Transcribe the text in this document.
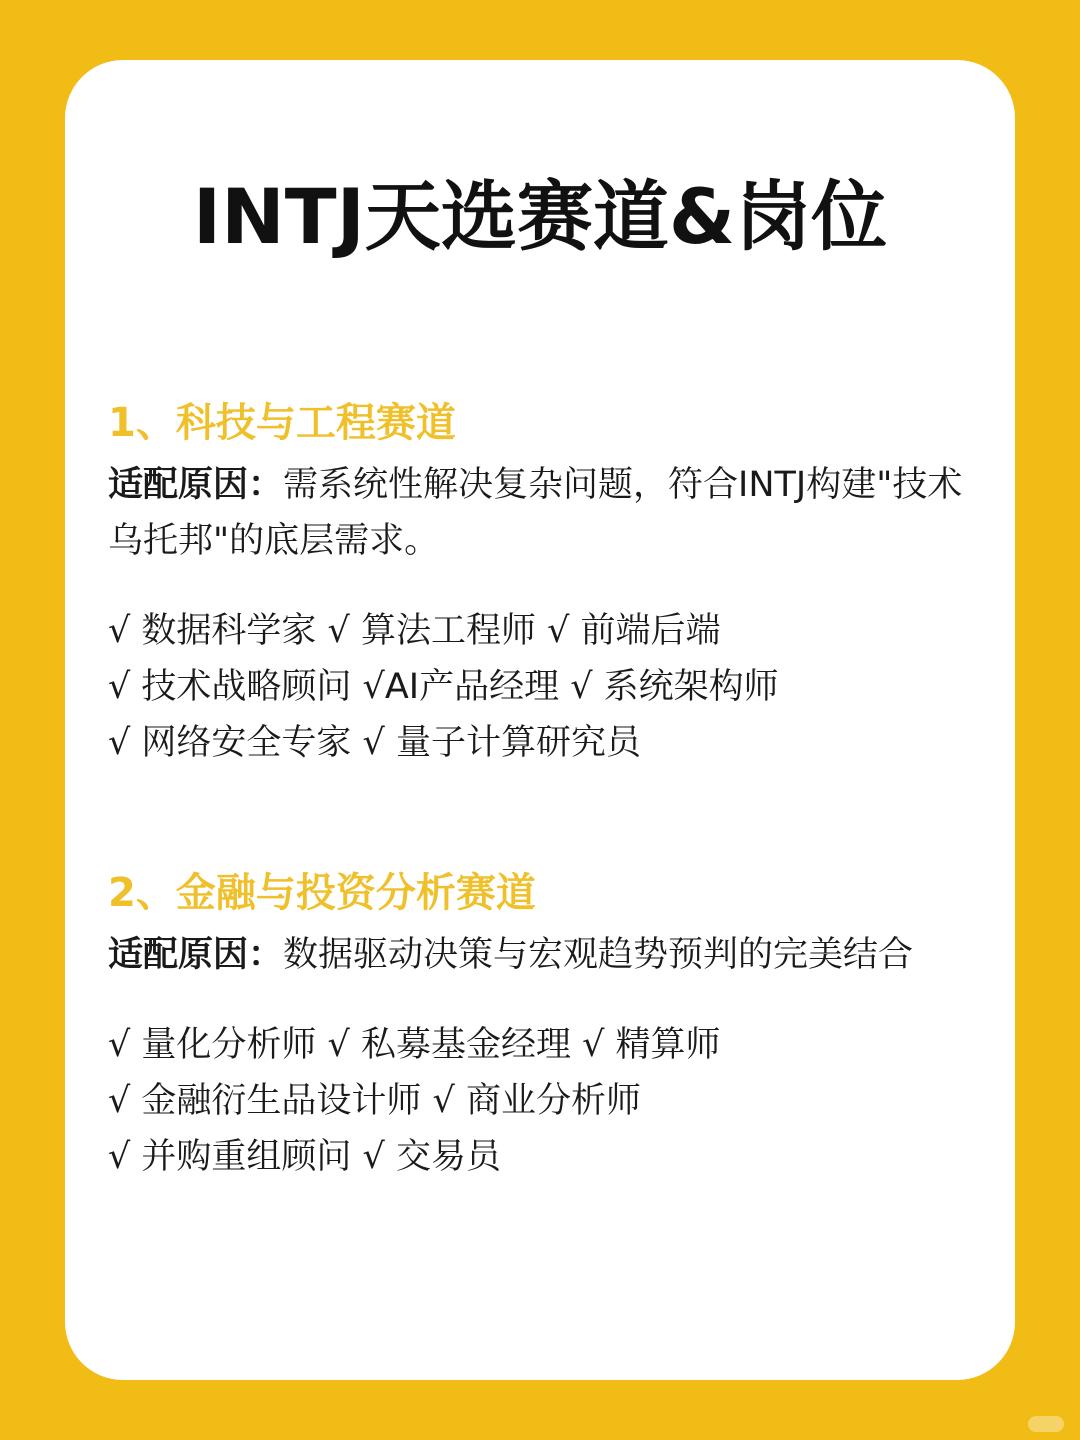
INTJ天选赛道&岗位
1、科技与工程赛道
适配原因：需系统性解决复杂问题，符合INTJ构建"技术乌托邦"的底层需求。
√ 数据科学家 √ 算法工程师 √ 前端后端
√ 技术战略顾问 √AI产品经理 √ 系统架构师
√ 网络安全专家 √ 量子计算研究员
2、金融与投资分析赛道
适配原因：数据驱动决策与宏观趋势预判的完美结合
√ 量化分析师 √ 私募基金经理 √ 精算师
√ 金融衍生品设计师 √ 商业分析师
√ 并购重组顾问 √ 交易员
